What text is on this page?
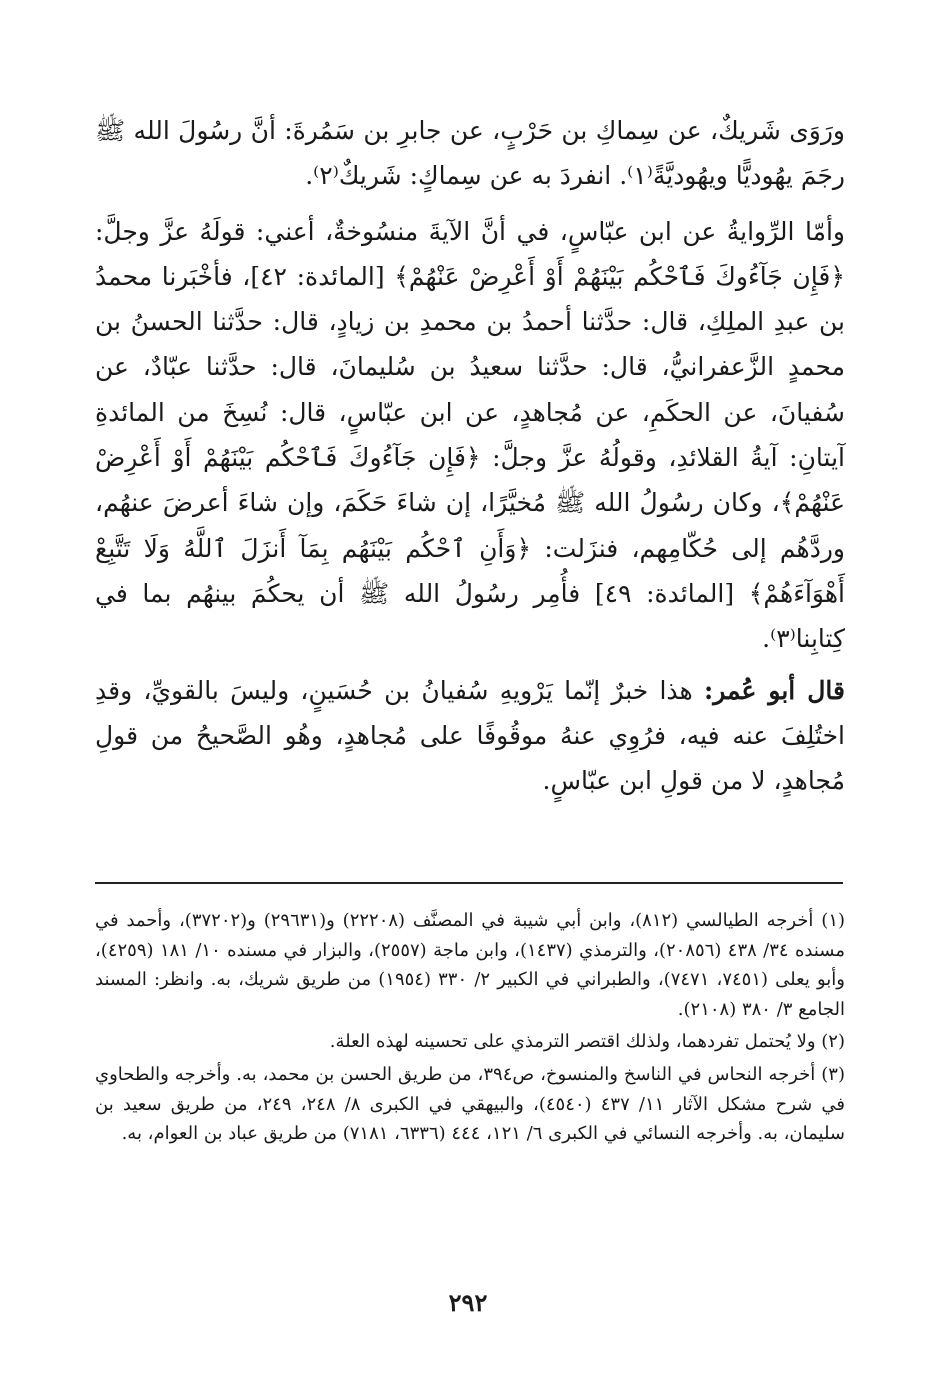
ورَوَى شَريكٌ، عن سِماكِ بن حَرْبٍ، عن جابرِ بن سَمُرةَ: أنَّ رسُولَ الله ﷺ رجَمَ يهُوديًّا ويهُوديَّةً⁽١⁾. انفردَ به عن سِماكٍ: شَريكٌ⁽٢⁾.

وأمّا الرِّوايةُ عن ابن عبّاسٍ، في أنَّ الآيةَ منسُوخةٌ، أعني: قولَهُ عزَّ وجلَّ: ﴿فَإِن جَآءُوكَ فَٱحْكُم بَيْنَهُمْ أَوْ أَعْرِضْ عَنْهُمْ﴾ [المائدة: ٤٢]، فأخْبَرنا محمدُ بن عبدِ الملِكِ، قال: حدَّثنا أحمدُ بن محمدِ بن زيادٍ، قال: حدَّثنا الحسنُ بن محمدٍ الزَّعفرانيُّ، قال: حدَّثنا سعيدُ بن سُليمانَ، قال: حدَّثنا عبّادٌ، عن سُفيانَ، عن الحكَمِ، عن مُجاهدٍ، عن ابن عبّاسٍ، قال: نُسِخَ من المائدةِ آيتانِ: آيةُ القلائدِ، وقولُهُ عزَّ وجلَّ: ﴿فَإِن جَآءُوكَ فَٱحْكُم بَيْنَهُمْ أَوْ أَعْرِضْ عَنْهُمْ﴾، وكان رسُولُ الله ﷺ مُخيَّرًا، إن شاءَ حَكَمَ، وإن شاءَ أعرضَ عنهُم، وردَّهُم إلى حُكّامِهم، فنزَلت: ﴿وَأَنِ ٱحْكُم بَيْنَهُم بِمَآ أَنزَلَ ٱللَّهُ وَلَا تَتَّبِعْ أَهْوَآءَهُمْ﴾ [المائدة: ٤٩] فأُمِر رسُولُ الله ﷺ أن يحكُمَ بينهُم بما في كِتابِنا⁽٣⁾.

قال أبو عُمر: هذا خبرٌ إنّما يَرْويهِ سُفيانُ بن حُسَينٍ، وليسَ بالقويِّ، وقدِ اختُلِفَ عنه فيه، فرُوِي عنهُ موقُوفًا على مُجاهدٍ، وهُو الصَّحيحُ من قولِ مُجاهدٍ، لا من قولِ ابن عبّاسٍ.

(١) أخرجه الطيالسي (٨١٢)، وابن أبي شيبة في المصنَّف (٢٢٢٠٨) و(٢٩٦٣١) و(٣٧٢٠٢)، وأحمد في مسنده ٣٤/ ٤٣٨ (٢٠٨٥٦)، والترمذي (١٤٣٧)، وابن ماجة (٢٥٥٧)، والبزار في مسنده ١٠/ ١٨١ (٤٢٥٩)، وأبو يعلى (٧٤٥١، ٧٤٧١)، والطبراني في الكبير ٢/ ٣٣٠ (١٩٥٤) من طريق شريك، به. وانظر: المسند الجامع ٣/ ٣٨٠ (٢١٠٨).

(٢) ولا يُحتمل تفردهما، ولذلك اقتصر الترمذي على تحسينه لهذه العلة.

(٣) أخرجه النحاس في الناسخ والمنسوخ، ص٣٩٤، من طريق الحسن بن محمد، به. وأخرجه والطحاوي في شرح مشكل الآثار ١١/ ٤٣٧ (٤٥٤٠)، والبيهقي في الكبرى ٨/ ٢٤٨، ٢٤٩، من طريق سعيد بن سليمان، به. وأخرجه النسائي في الكبرى ٦/ ١٢١، ٤٤٤ (٦٣٣٦، ٧١٨١) من طريق عباد بن العوام، به.

٢٩٢
